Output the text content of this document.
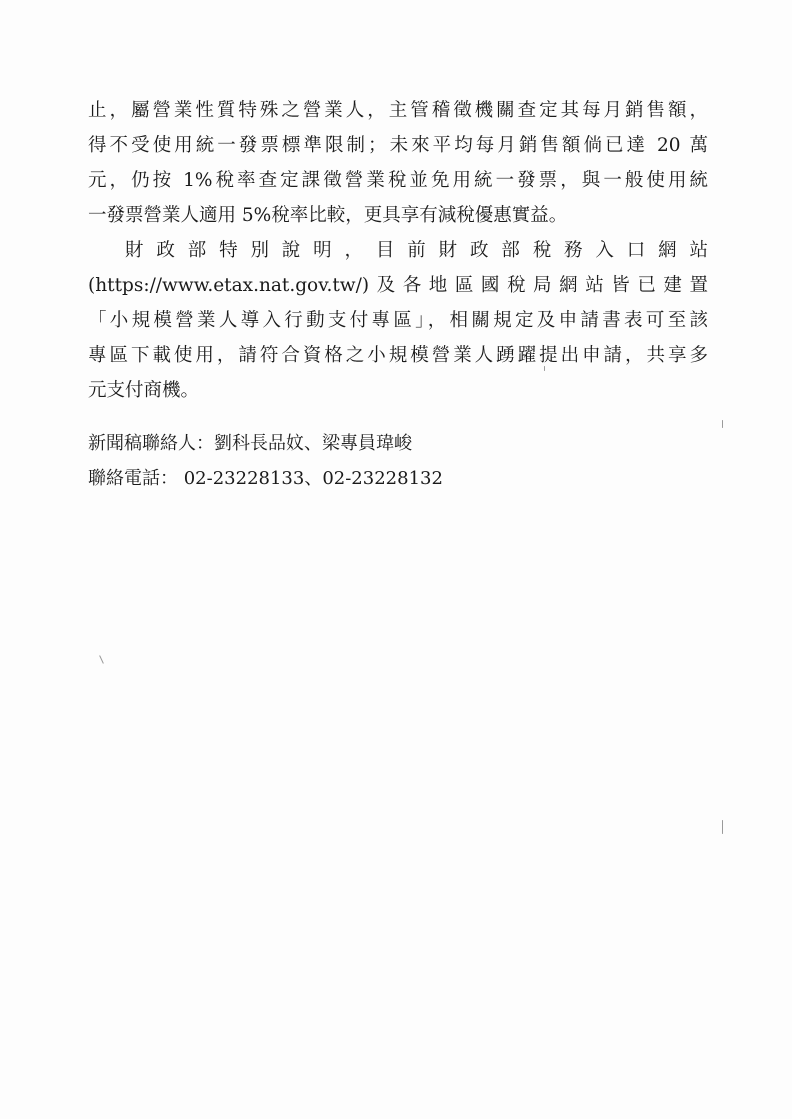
止，屬營業性質特殊之營業人，主管稽徵機關查定其每月銷售額，
得不受使用統一發票標準限制；未來平均每月銷售額倘已達 20 萬
元，仍按 1%稅率查定課徵營業稅並免用統一發票，與一般使用統
一發票營業人適用 5%稅率比較，更具享有減稅優惠實益。
財 政 部 特 別 說 明 ， 目 前 財 政 部 稅 務 入 口 網 站
(https://www.etax.nat.gov.tw/)及各地區國稅局網站皆已建置
「小規模營業人導入行動支付專區」，相關規定及申請書表可至該
專區下載使用，請符合資格之小規模營業人踴躍提出申請，共享多
元支付商機。
新聞稿聯絡人：劉科長品妏、梁專員瑋峻
聯絡電話： 02-23228133、02-23228132
